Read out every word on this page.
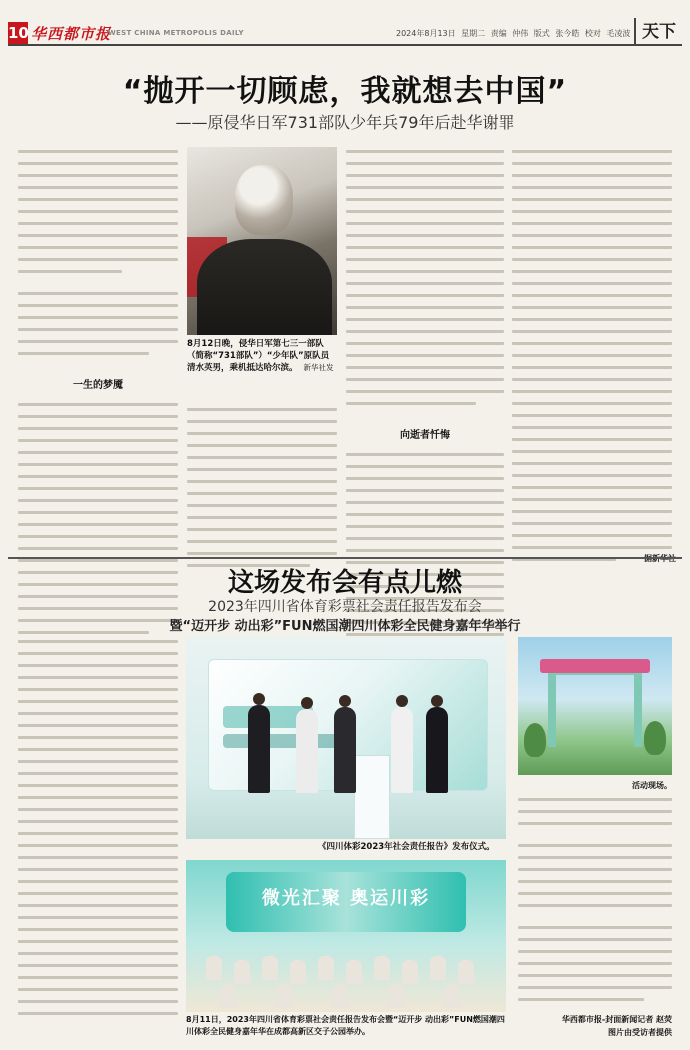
10 华西都市报
WEST CHINA METROPOLIS DAILY	2024年8月13日 星期二 责编 仲伟 版式 张今皓 校对 毛凌波 天下
“抛开一切顾虑，我就想去中国”
——原侵华日军731部队少年兵79年后赴华谢罪
一生的梦魇
8月12日晚，侵华日军第七三一部队（简称“731部队”）“少年队”原队员清水英男，乘机抵达哈尔滨。 新华社发
向逝者忏悔
这场发布会有点儿燃
2023年四川省体育彩票社会责任报告发布会
暨“迈开步 动出彩”FUN燃国潮四川体彩全民健身嘉年华举行
《四川体彩2023年社会责任报告》发布仪式。
微光汇聚 奥运川彩
8月11日，2023年四川省体育彩票社会责任报告发布会暨“迈开步 动出彩”FUN燃国潮四川体彩全民健身嘉年华在成都高新区交子公园举办。
活动现场。
华西都市报-封面新闻记者 赵荧
图片由受访者提供
